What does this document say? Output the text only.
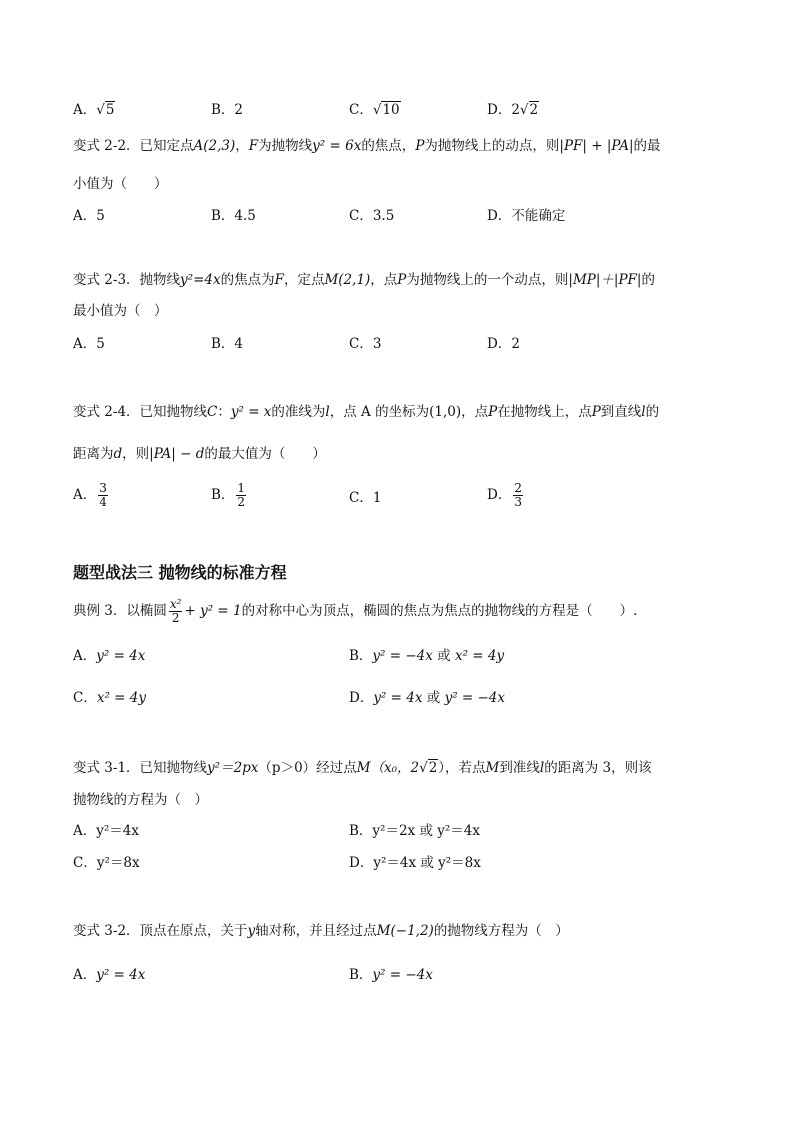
A．√5	B．2	C．√10	D．2√2
变式 2-2．已知定点A(2,3)，F为抛物线y² = 6x的焦点，P为抛物线上的动点，则|PF| + |PA|的最
小值为（　　）
A．5	B．4.5	C．3.5	D．不能确定
变式 2-3．抛物线y²=4x的焦点为F，定点M(2,1)，点P为抛物线上的一个动点，则|MP|＋|PF|的
最小值为（　）
A．5	B．4	C．3	D．2
变式 2-4．已知抛物线C：y² = x的准线为l，点 A 的坐标为(1,0)，点P在抛物线上，点P到直线l的
距离为d，则|PA| − d的最大值为（　　）
A． $\frac{3}{4}$	B． $\frac{1}{2}$	C．1	D． $\frac{2}{3}$
题型战法三 抛物线的标准方程
典例 3．以椭圆 $\frac{\text{x²}}{2} + y^2 = 1$的对称中心为顶点，椭圆的焦点为焦点的抛物线的方程是（　　）.
A．y² = 4x	B．y² = −4x 或 x² = 4y
C．x² = 4y	D．y² = 4x 或 y² = −4x
变式 3-1．已知抛物线y²＝2px（p＞0）经过点M（x₀，2√2），若点M到准线l的距离为 3，则该
抛物线的方程为（　）
A．y²＝4x	B．y²＝2x 或 y²＝4x
C．y²＝8x	D．y²＝4x 或 y²＝8x
变式 3-2．顶点在原点，关于y轴对称，并且经过点M(−1,2)的抛物线方程为（　）
A．y² = 4x	B．y² = −4x
